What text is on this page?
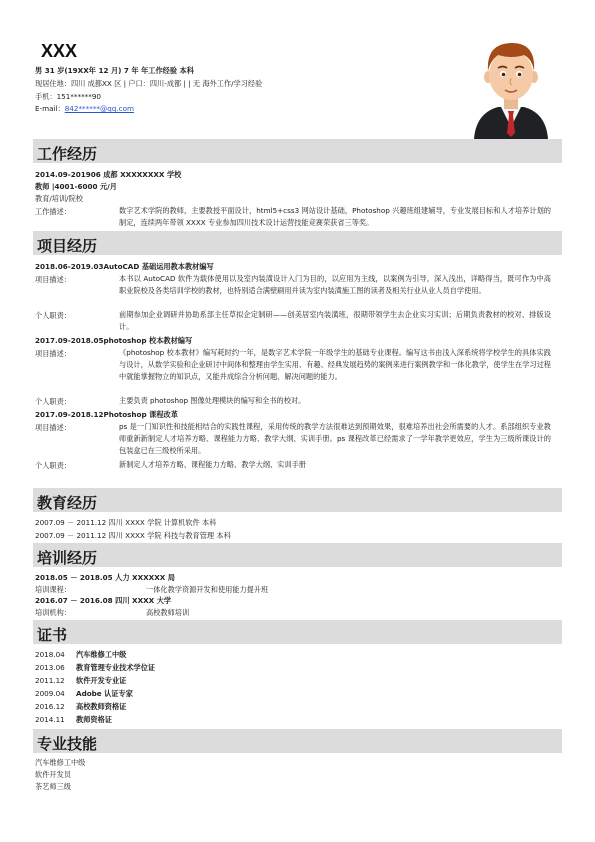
XXX
男 31 岁(19XX年 12 月) 7 年 年工作经验 本科
现居住地：四川 成都XX 区 | 户口：四川-成都 | | 无 海外工作/学习经验
手机：151******90
E-mail：842******@qq.com
工作经历
2014.09-201906 成都 XXXXXXXX 学校
教师 |4001-6000 元/月
教育/培训/院校
工作描述：	数字艺术学院的教师，主要教授平面设计，html5+css3 网站设计基础，Photoshop 兴趣班组建辅导，专业发展目标和人才培养计划的制定，连续两年带领 XXXX 专业参加四川技术设计运营技能竞赛荣获省三等奖。
项目经历
2018.06-2019.03AutoCAD 基础运用教本教材编写
项目描述：	本书以 AutoCAD 软件为载体使用以及室内装潢设计入门为目的，以应用为主线，以案例为引导，深入浅出，详略得当，既可作为中高职业院校及各类培训学校的教材，也特别适合满壁刷用并读为室内装潢施工图的读者及相关行业从业人员自学使用。
个人职责：	前期参加企业调研并协助系部主任草拟企定制研——创美居室内装潢班，很期带领学生去企业实习实训；后期负责教材的校对、排版设计。
2017.09-2018.05photoshop 校本教材编写
项目描述：	《photoshop 校本教材》编写耗时约一年，是数字艺术学院一年级学生的基础专业课程。编写这书由浅入深系统将学校学生的具体实践与设计，从数学实验和企业研讨中间体和整理由学生实用、有趣、经典发展趋势的案例来进行案例教学和一体化教学，使学生在学习过程中就能掌握物立的知识点，又能并成综合分析问题、解决问题的能力。
个人职责：	主要负责 photoshop 图像处理模块的编写和全书的校对。
2017.09-2018.12Photoshop 课程改革
项目描述：	ps 是一门知识性和技能相结合的实践性课程，采用传统的教学方法很难达到预期效果，很难培养出社会所需要的人才。系部组织专业教师重新新制定人才培养方略、课程能力方略、教学大纲、实训手册。ps 课程改革已经需求了一学年教学更效应，学生为三级所课设计的包装盒已在三级校所采用。
个人职责：	新制定人才培养方略、课程能力方略、教学大纲、实训手册
教育经历
2007.09 － 2011.12 四川 XXXX 学院 计算机软件 本科
2007.09 － 2011.12 四川 XXXX 学院 科技与教育管理 本科
培训经历
2018.05 － 2018.05 人力 XXXXXX 局
培训课程：	一体化教学资源开发和使用能力提升班
2016.07 － 2016.08 四川 XXXX 大学
培训机构：	高校教师培训
证书
2018.04 汽车维修工中级
2013.06 教育管理专业技术学位证
2011.12 软件开发专业证
2009.04 Adobe 认证专家
2016.12 高校教师资格证
2014.11 教师资格证
专业技能
汽车维修工中级
软件开发员
茶艺师三级
